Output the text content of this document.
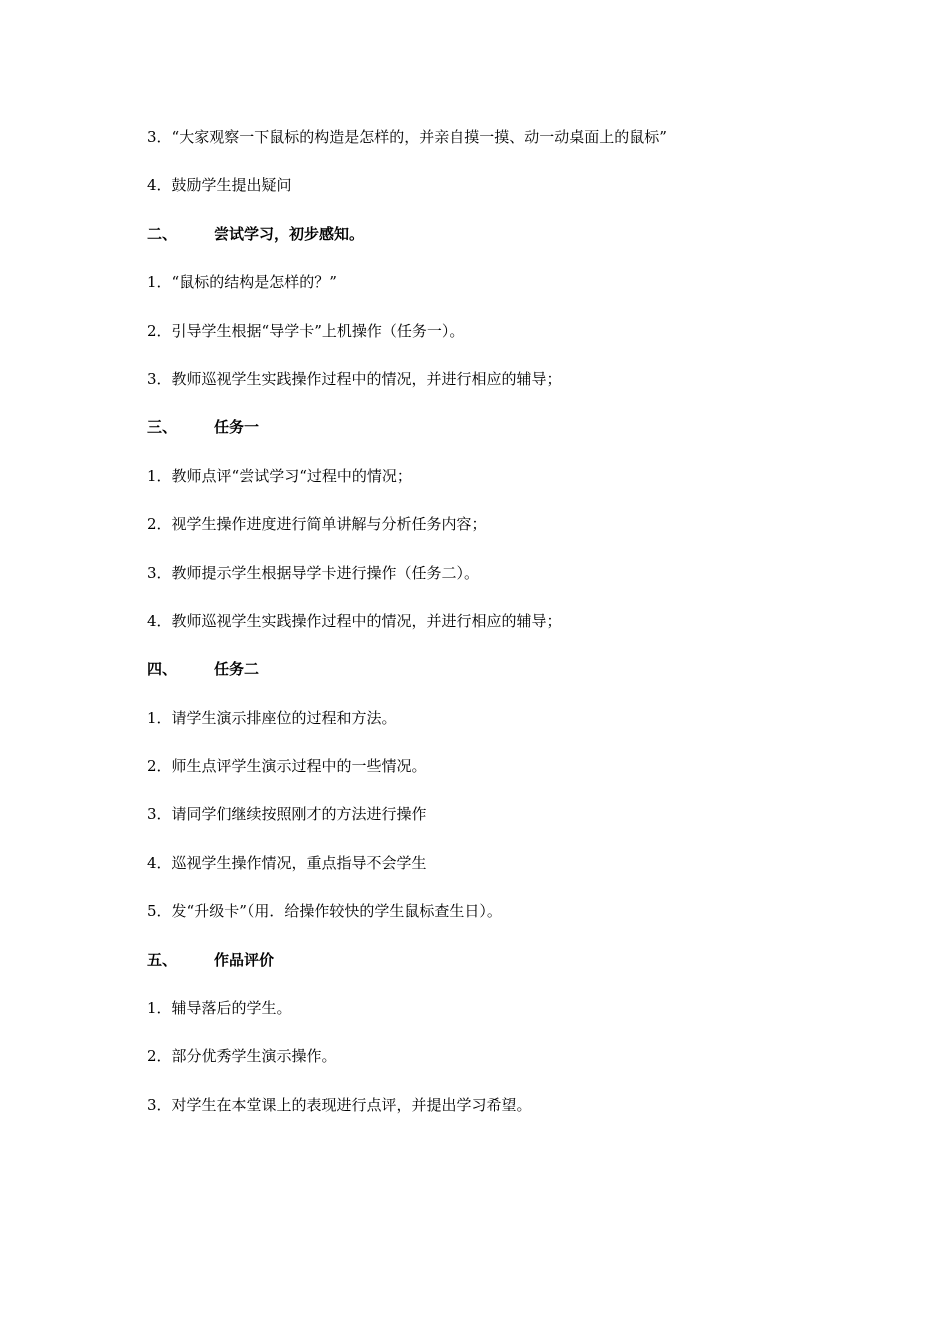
3．“大家观察一下鼠标的构造是怎样的，并亲自摸一摸、动一动桌面上的鼠标”
4．鼓励学生提出疑问
二、 尝试学习，初步感知。
1．“鼠标的结构是怎样的？”
2．引导学生根据“导学卡”上机操作（任务一）。
3．教师巡视学生实践操作过程中的情况，并进行相应的辅导；
三、 任务一
1．教师点评“尝试学习“过程中的情况；
2．视学生操作进度进行简单讲解与分析任务内容；
3．教师提示学生根据导学卡进行操作（任务二）。
4．教师巡视学生实践操作过程中的情况，并进行相应的辅导；
四、 任务二
1．请学生演示排座位的过程和方法。
2．师生点评学生演示过程中的一些情况。
3．请同学们继续按照刚才的方法进行操作
4．巡视学生操作情况，重点指导不会学生
5．发“升级卡”（用．给操作较快的学生鼠标查生日）。
五、 作品评价
1．辅导落后的学生。
2．部分优秀学生演示操作。
3．对学生在本堂课上的表现进行点评，并提出学习希望。
